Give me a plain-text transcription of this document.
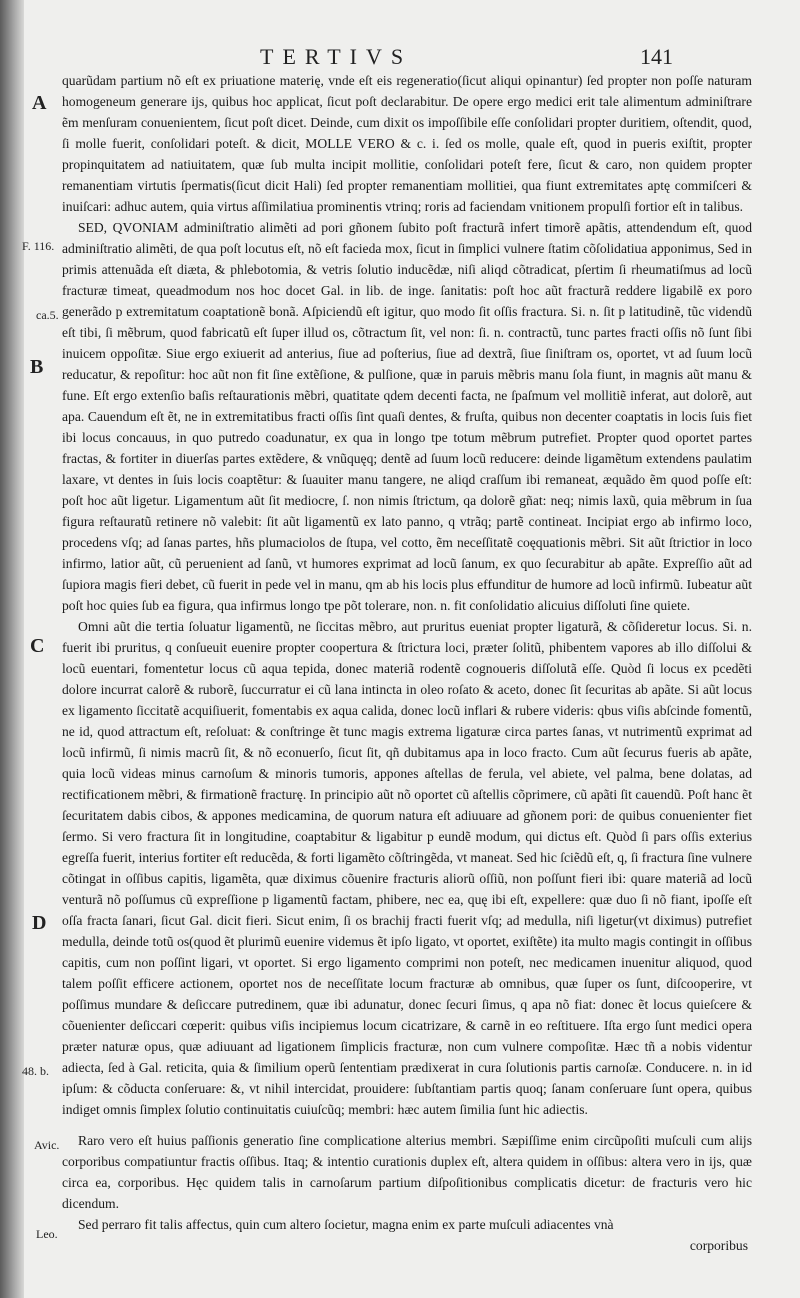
TERTIVS	141
A
F. 116.
ca.5.
B
C
D
48. b.
Avic.
Leo.

quarũdam partium nõ eſt ex priuatione materię, vnde eſt eis regeneratio(ſicut aliqui opinantur) ſed propter non poſſe naturam homogeneum generare ijs, quibus hoc applicat, ſicut poſt declarabitur. De opere ergo medici erit tale alimentum adminiſtrare ẽm menſuram conuenientem, ſicut poſt dicet. Deinde, cum dixit os impoſſibile eſſe conſolidari propter duritiem, oſtendit, quod, ſi molle fuerit, conſolidari poteſt. & dicit, MOLLE VERO & c. i. ſed os molle, quale eſt, quod in pueris exiſtit, propter propinquitatem ad natiuitatem, quæ ſub multa incipit mollitie, conſolidari poteſt fere, ſicut & caro, non quidem propter remanentiam virtutis ſpermatis(ſicut dicit Hali) ſed propter remanentiam mollitiei, qua fiunt extremitates aptę commiſceri & inuiſcari: adhuc autem, quia virtus aſſimilatiua prominentis vtrinq; roris ad faciendam vnitionem propulſi fortior eſt in talibus.

SED, QVONIAM adminiſtratio alimẽti ad pori gñonem ſubito poſt fracturã infert timorẽ apãtis, attendendum eſt, quod adminiſtratio alimẽti, de qua poſt locutus eſt, nõ eſt facieda mox, ſicut in ſimplici vulnere ſtatim cõſolidatiua apponimus, Sed in primis attenuãda eſt diæta, & phlebotomia, & vetris ſolutio inducẽdæ, niſi aliqd cõtradicat, pſertim ſi rheumatiſmus ad locũ fracturæ timeat, queadmodum nos hoc docet Gal. in lib. de inge. ſanitatis: poſt hoc aũt fracturã reddere ligabilẽ ex poro generãdo p extremitatum coaptationẽ bonã. Aſpiciendũ eſt igitur, quo modo ſit oſſis fractura. Si. n. ſit p latitudinẽ, tũc videndũ eſt tibi, ſi mẽbrum, quod fabricatũ eſt ſuper illud os, cõtractum ſit, vel non: ſi. n. contractũ, tunc partes fracti oſſis nõ ſunt ſibi inuicem oppoſitæ. Siue ergo exiuerit ad anterius, ſiue ad poſterius, ſiue ad dextrã, ſiue ſiniſtram os, oportet, vt ad ſuum locũ reducatur, & repoſitur: hoc aũt non fit ſine extẽſione, & pulſione, quæ in paruis mẽbris manu ſola fiunt, in magnis aũt manu & fune. Eſt ergo extenſio baſis reſtaurationis mẽbri, quatitate qdem decenti facta, ne ſpaſmum vel mollitiẽ inferat, aut dolorẽ, aut apa. Cauendum eſt ẽt, ne in extremitatibus fracti oſſis ſint quaſi dentes, & fruſta, quibus non decenter coaptatis in locis ſuis fiet ibi locus concauus, in quo putredo coadunatur, ex qua in longo tpe totum mẽbrum putrefiet. Propter quod oportet partes fractas, & fortiter in diuerſas partes extẽdere, & vnũquęq; dentẽ ad ſuum locũ reducere: deinde ligamẽtum extendens paulatim laxare, vt dentes in ſuis locis coaptẽtur: & ſuauiter manu tangere, ne aliqd craſſum ibi remaneat, æquãdo ẽm quod poſſe eſt: poſt hoc aũt ligetur. Ligamentum aũt ſit mediocre, ſ. non nimis ſtrictum, qa dolorẽ gñat: neq; nimis laxũ, quia mẽbrum in ſua figura reſtauratũ retinere nõ valebit: ſit aũt ligamentũ ex lato panno, q vtrãq; partẽ contineat. Incipiat ergo ab infirmo loco, procedens vſq; ad ſanas partes, hñs plumaciolos de ſtupa, vel cotto, ẽm neceſſitatẽ coęquationis mẽbri. Sit aũt ſtrictior in loco infirmo, latior aũt, cũ peruenient ad ſanũ, vt humores exprimat ad locũ ſanum, ex quo ſecurabitur ab apãte. Expreſſio aũt ad ſupiora magis fieri debet, cũ fuerit in pede vel in manu, qm ab his locis plus effunditur de humore ad locũ infirmũ. Iubeatur aũt poſt hoc quies ſub ea figura, qua infirmus longo tpe põt tolerare, non. n. fit conſolidatio alicuius diſſoluti ſine quiete.

Omni aũt die tertia ſoluatur ligamentũ, ne ſiccitas mẽbro, aut pruritus eueniat propter ligaturã, & cõſideretur locus. Si. n. fuerit ibi pruritus, q conſueuit euenire propter coopertura & ſtrictura loci, præter ſolitũ, phibentem vapores ab illo diſſolui & locũ euentari, fomentetur locus cũ aqua tepida, donec materiã rodentẽ cognoueris diſſolutã eſſe. Quòd ſi locus ex pcedẽti dolore incurrat calorẽ & ruborẽ, ſuccurratur ei cũ lana intincta in oleo roſato & aceto, donec ſit ſecuritas ab apãte. Si aũt locus ex ligamento ſiccitatẽ acquiſiuerit, fomentabis ex aqua calida, donec locũ inflari & rubere videris: qbus viſis abſcinde fomentũ, ne id, quod attractum eſt, reſoluat: & conſtringe ẽt tunc magis extrema ligaturæ circa partes ſanas, vt nutrimentũ exprimat ad locũ infirmũ, ſi nimis macrũ ſit, & nõ econuerſo, ſicut ſit, qñ dubitamus apa in loco fracto. Cum aũt ſecurus fueris ab apãte, quia locũ videas minus carnoſum & minoris tumoris, appones aſtellas de ferula, vel abiete, vel palma, bene dolatas, ad rectificationem mẽbri, & firmationẽ fracturę. In principio aũt nõ oportet cũ aſtellis cõprimere, cũ apãti ſit cauendũ. Poſt hanc ẽt ſecuritatem dabis cibos, & appones medicamina, de quorum natura eſt adiuuare ad gñonem pori: de quibus conuenienter fiet ſermo. Si vero fractura ſit in longitudine, coaptabitur & ligabitur p eundẽ modum, qui dictus eſt. Quòd ſi pars oſſis exterius egreſſa fuerit, interius fortiter eſt reducẽda, & forti ligamẽto cõſtringẽda, vt maneat. Sed hic ſciẽdũ eſt, q, ſi fractura ſine vulnere cõtingat in oſſibus capitis, ligamẽta, quæ diximus cõuenire fracturis aliorũ oſſiũ, non poſſunt fieri ibi: quare materiã ad locũ venturã nõ poſſumus cũ expreſſione p ligamentũ factam, phibere, nec ea, quę ibi eſt, expellere: quæ duo ſi nõ fiant, ipoſſe eſt oſſa fracta ſanari, ſicut Gal. dicit fieri. Sicut enim, ſi os brachij fracti fuerit vſq; ad medulla, niſi ligetur(vt diximus) putrefiet medulla, deinde totũ os(quod ẽt plurimũ euenire videmus ẽt ipſo ligato, vt oportet, exiſtẽte) ita multo magis contingit in oſſibus capitis, cum non poſſint ligari, vt oportet. Si ergo ligamento comprimi non poteſt, nec medicamen inuenitur aliquod, quod talem poſſit efficere actionem, oportet nos de neceſſitate locum fracturæ ab omnibus, quæ ſuper os ſunt, diſcooperire, vt poſſimus mundare & deſiccare putredinem, quæ ibi adunatur, donec ſecuri ſimus, q apa nõ fiat: donec ẽt locus quieſcere & cõuenienter deſiccari cœperit: quibus viſis incipiemus locum cicatrizare, & carnẽ in eo reſtituere. Iſta ergo ſunt medici opera præter naturæ opus, quæ adiuuant ad ligationem ſimplicis fracturæ, non cum vulnere compoſitæ. Hæc tñ a nobis videntur adiecta, ſed à Gal. reticita, quia & ſimilium operũ ſententiam prædixerat in cura ſolutionis partis carnoſæ. Conducere. n. in id ipſum: & cõducta conſeruare: &, vt nihil intercidat, prouidere: ſubſtantiam partis quoq; ſanam conſeruare ſunt opera, quibus indiget omnis ſimplex ſolutio continuitatis cuiuſcũq; membri: hæc autem ſimilia ſunt hic adiectis.

Raro vero eſt huius paſſionis generatio ſine complicatione alterius membri. Sæpiſſime enim circũpoſiti muſculi cum alijs corporibus compatiuntur fractis oſſibus. Itaq; & intentio curationis duplex eſt, altera quidem in oſſibus: altera vero in ijs, quæ circa ea, corporibus. Hęc quidem talis in carnoſarum partium diſpoſitionibus complicatis dicetur: de fracturis vero hic dicendum.

Sed perraro fit talis affectus, quin cum altero ſocietur, magna enim ex parte muſculi adiacentes vnà

corporibus
